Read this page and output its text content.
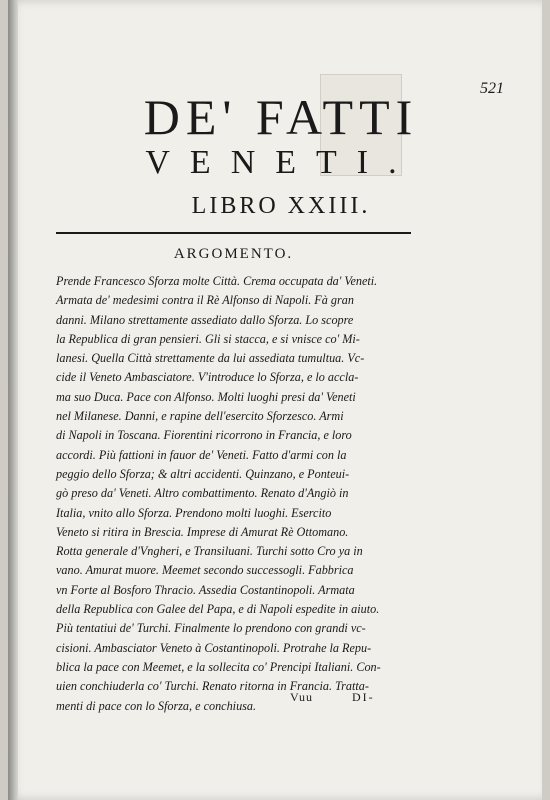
521
DE' FATTI
VENETI.
LIBRO XXIII.
ARGOMENTO.
Prende Francesco Sforza molte Città. Crema occupata da' Veneti.
Armata de' medesimi contra il Rè Alfonso di Napoli. Fà gran
danni. Milano strettamente assediato dallo Sforza. Lo scopre
la Republica di gran pensieri. Gli si stacca, e si vnisce co' Mi-
lanesi. Quella Città strettamente da lui assediata tumultua. Vc-
cide il Veneto Ambasciatore. V'introduce lo Sforza, e lo accla-
ma suo Duca. Pace con Alfonso. Molti luoghi presi da' Veneti
nel Milanese. Danni, e rapine dell'esercito Sforzesco. Armi
di Napoli in Toscana. Fiorentini ricorrono in Francia, e loro
accordi. Più fattioni in fauor de' Veneti. Fatto d'armi con la
peggio dello Sforza; & altri accidenti. Quinzano, e Ponteui-
gò preso da' Veneti. Altro combattimento. Renato d'Angiò in
Italia, vnito allo Sforza. Prendono molti luoghi. Esercito
Veneto si ritira in Brescia. Imprese di Amurat Rè Ottomano.
Rotta generale d'Vngheri, e Transiluani. Turchi sotto Cro ya in
vano. Amurat muore. Meemet secondo successogli. Fabbrica
vn Forte al Bosforo Thracio. Assedia Costantinopoli. Armata
della Republica con Galee del Papa, e di Napoli espedite in aiuto.
Più tentatiui de' Turchi. Finalmente lo prendono con grandi vc-
cisioni. Ambasciator Veneto à Costantinopoli. Protrahe la Repu-
blica la pace con Meemet, e la sollecita co' Prencipi Italiani. Con-
uien conchiuderla co' Turchi. Renato ritorna in Francia. Tratta-
menti di pace con lo Sforza, e conchiusa.
Vuu	DI-
